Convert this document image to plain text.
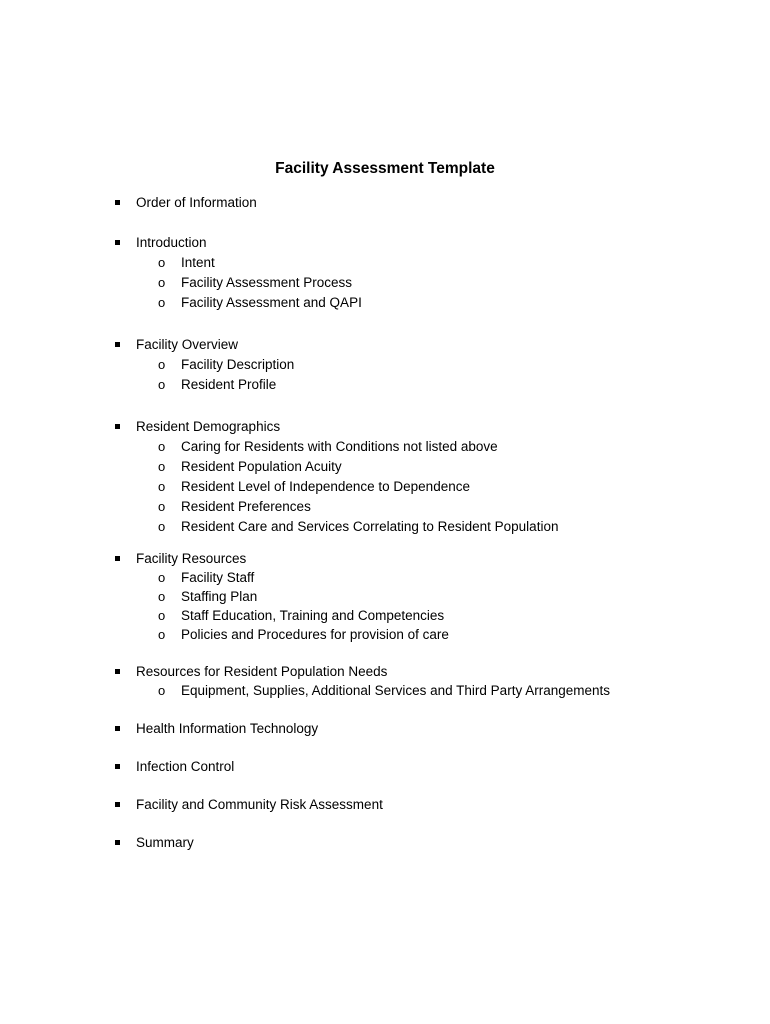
Facility Assessment Template
Order of Information
Introduction
o Intent
o Facility Assessment Process
o Facility Assessment and QAPI
Facility Overview
o Facility Description
o Resident Profile
Resident Demographics
o Caring for Residents with Conditions not listed above
o Resident Population Acuity
o Resident Level of Independence to Dependence
o Resident Preferences
o Resident Care and Services Correlating to Resident Population
Facility Resources
o Facility Staff
o Staffing Plan
o Staff Education, Training and Competencies
o Policies and Procedures for provision of care
Resources for Resident Population Needs
o Equipment, Supplies, Additional Services and Third Party Arrangements
Health Information Technology
Infection Control
Facility and Community Risk Assessment
Summary
